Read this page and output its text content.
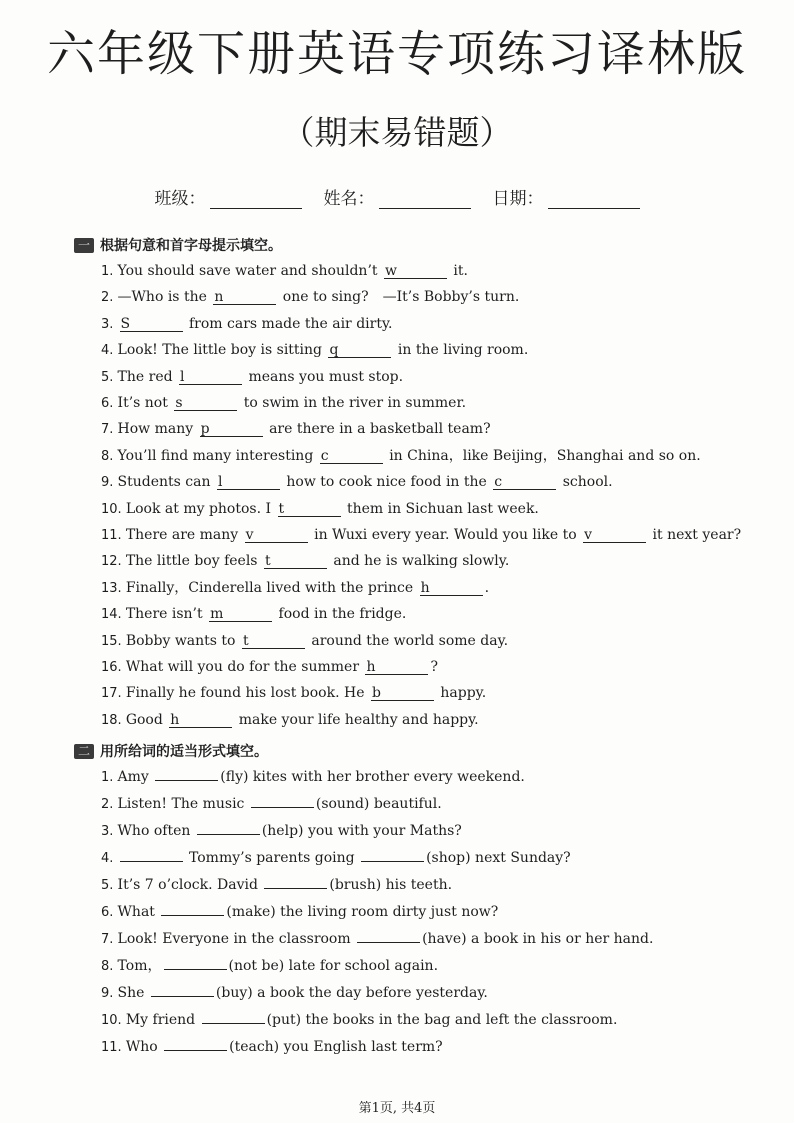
六年级下册英语专项练习译林版
（期末易错题）
班级：	姓名：	日期：
一 根据句意和首字母提示填空。
1. You should save water and shouldn’t w	it.
2. —Who is the n	one to sing?　—It’s Bobby’s turn.
3. S	from cars made the air dirty.
4. Look! The little boy is sitting q	in the living room.
5. The red l	means you must stop.
6. It’s not s	to swim in the river in summer.
7. How many p	are there in a basketball team?
8. You’ll find many interesting c	in China，like Beijing，Shanghai and so on.
9. Students can l	how to cook nice food in the c	school.
10. Look at my photos. I t	them in Sichuan last week.
11. There are many v	in Wuxi every year. Would you like to v	it next year?
12. The little boy feels t	and he is walking slowly.
13. Finally，Cinderella lived with the prince h	.
14. There isn’t m	food in the fridge.
15. Bobby wants to t	around the world some day.
16. What will you do for the summer h	?
17. Finally he found his lost book. He b	happy.
18. Good h	make your life healthy and happy.
二 用所给词的适当形式填空。
1. Amy	(fly) kites with her brother every weekend.
2. Listen! The music	(sound) beautiful.
3. Who often	(help) you with your Maths?
4.	Tommy’s parents going	(shop) next Sunday?
5. It’s 7 o’clock. David	(brush) his teeth.
6. What	(make) the living room dirty just now?
7. Look! Everyone in the classroom	(have) a book in his or her hand.
8. Tom，	(not be) late for school again.
9. She	(buy) a book the day before yesterday.
10. My friend	(put) the books in the bag and left the classroom.
11. Who	(teach) you English last term?
第1页, 共4页
